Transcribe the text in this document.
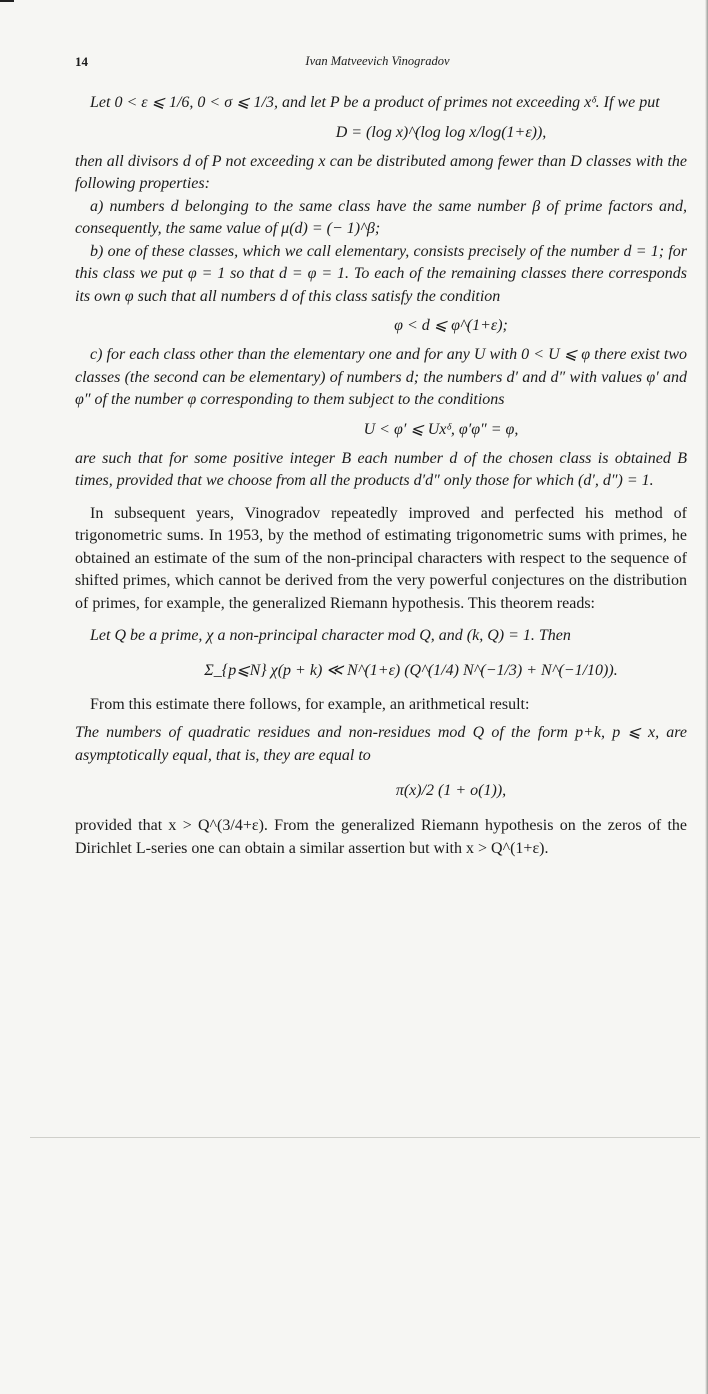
Ivan Matveevich Vinogradov
14

Let 0 < ε ⩽ 1/6, 0 < σ ⩽ 1/3, and let P be a product of primes not exceeding xᵟ. If we put

D = (log x)^(log log x/log(1+ε)),

then all divisors d of P not exceeding x can be distributed among fewer than D classes with the following properties:

a) numbers d belonging to the same class have the same number β of prime factors and, consequently, the same value of μ(d) = (− 1)^β;

b) one of these classes, which we call elementary, consists precisely of the number d = 1; for this class we put φ = 1 so that d = φ = 1. To each of the remaining classes there corresponds its own φ such that all numbers d of this class satisfy the condition

φ < d ⩽ φ^(1+ε);

c) for each class other than the elementary one and for any U with 0 < U ⩽ φ there exist two classes (the second can be elementary) of numbers d; the numbers d′ and d″ with values φ′ and φ″ of the number φ corresponding to them subject to the conditions

U < φ′ ⩽ Uxᵟ, φ′φ″ = φ,

are such that for some positive integer B each number d of the chosen class is obtained B times, provided that we choose from all the products d′d″ only those for which (d′, d″) = 1.

In subsequent years, Vinogradov repeatedly improved and perfected his method of trigonometric sums. In 1953, by the method of estimating trigonometric sums with primes, he obtained an estimate of the sum of the non-principal characters with respect to the sequence of shifted primes, which cannot be derived from the very powerful conjectures on the distribution of primes, for example, the generalized Riemann hypothesis. This theorem reads:

Let Q be a prime, χ a non-principal character mod Q, and (k, Q) = 1. Then

Σ_{p⩽N} χ(p + k) ≪ N^(1+ε) (Q^(1/4) N^(−1/3) + N^(−1/10)).

From this estimate there follows, for example, an arithmetical result:

The numbers of quadratic residues and non-residues mod Q of the form p+k, p ⩽ x, are asymptotically equal, that is, they are equal to

π(x)/2 (1 + o(1)),

provided that x > Q^(3/4+ε). From the generalized Riemann hypothesis on the zeros of the Dirichlet L-series one can obtain a similar assertion but with x > Q^(1+ε).
